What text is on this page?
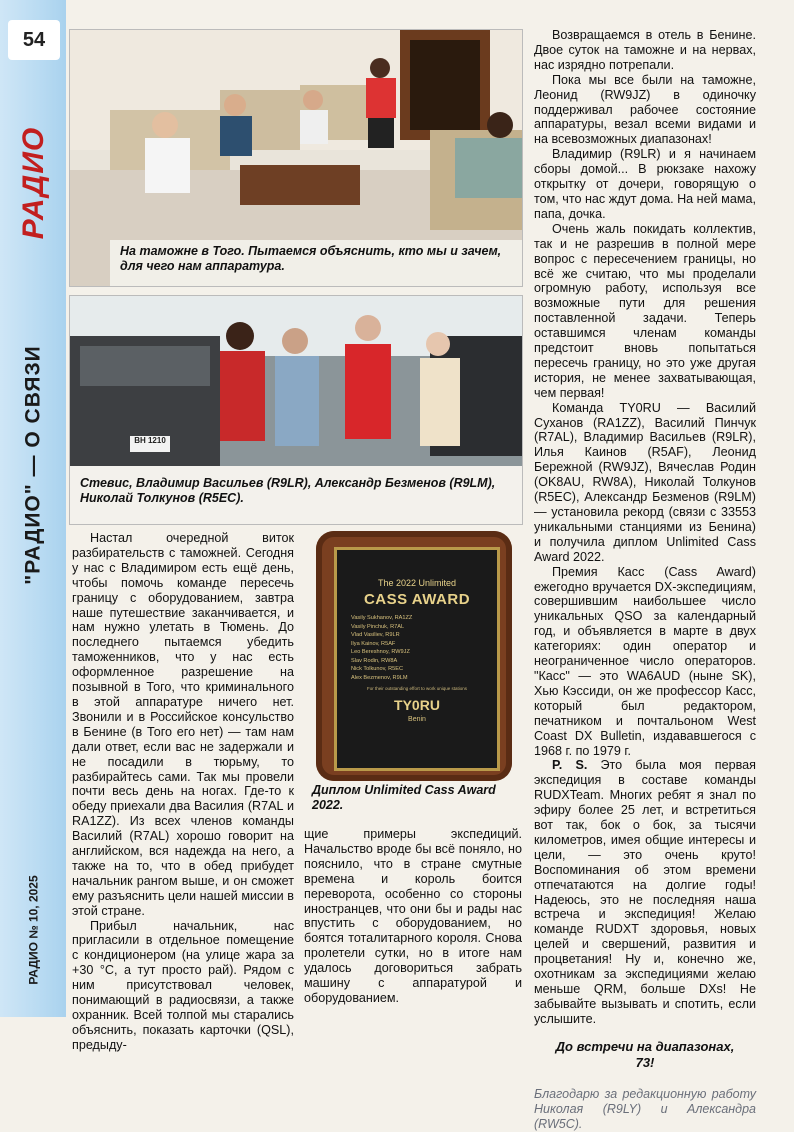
54
РАДИО
"РАДИО" — О СВЯЗИ
РАДИО № 10, 2025
На таможне в Того. Пытаемся объяснить, кто мы и зачем, для чего нам аппаратура.
BH 1210
Стевис, Владимир Васильев (R9LR), Александр Безменов (R9LM), Николай Толкунов (R5EC).
The 2022 Unlimited
CASS AWARD
Vasily Sukhanov, RA1ZZ
Vasily Pinchuk, R7AL
Vlad Vasiliev, R9LR
Ilya Kainov, R5AF
Leo Bereshnoy, RW9JZ
Slav Rodin, RW8A
Nick Tolkunov, R5EC
Alex Bezmenov, R9LM
For their outstanding effort to work unique stations
TY0RU
Benin
Диплом Unlimited Cass Award 2022.

Настал очередной виток разбирательств с таможней. Сегодня у нас с Владимиром есть ещё день, чтобы помочь команде пересечь границу с оборудованием, завтра наше путешествие заканчивается, и нам нужно улетать в Тюмень. До последнего пытаемся убедить таможенников, что у нас есть оформленное разрешение на позывной в Того, что криминального в этой аппаратуре ничего нет. Звонили и в Российское консульство в Бенине (в Того его нет) — там нам дали ответ, если вас не задержали и не посадили в тюрьму, то разбирайтесь сами. Так мы провели почти весь день на ногах. Где-то к обеду приехали два Василия (R7AL и RA1ZZ). Из всех членов команды Василий (R7AL) хорошо говорит на английском, вся надежда на него, а также на то, что в обед прибудет начальник рангом выше, и он сможет ему разъяснить цели нашей миссии в этой стране.

Прибыл начальник, нас пригласили в отдельное помещение с кондиционером (на улице жара за +30 °С, а тут просто рай). Рядом с ним присутствовал человек, понимающий в радиосвязи, а также охранник. Всей толпой мы старались объяснить, показать карточки (QSL), предыду-

щие примеры экспедиций. Начальство вроде бы всё поняло, но пояснило, что в стране смутные времена и король боится переворота, особенно со стороны иностранцев, что они бы и рады нас впустить с оборудованием, но боятся тоталитарного короля. Снова пролетели сутки, но в итоге нам удалось договориться забрать машину с аппаратурой и оборудованием.

Возвращаемся в отель в Бенине. Двое суток на таможне и на нервах, нас изрядно потрепали.

Пока мы все были на таможне, Леонид (RW9JZ) в одиночку поддерживал рабочее состояние аппаратуры, везал всеми видами и на всевозможных диапазонах!

Владимир (R9LR) и я начинаем сборы домой... В рюкзаке нахожу открытку от дочери, говорящую о том, что нас ждут дома. На ней мама, папа, дочка.

Очень жаль покидать коллектив, так и не разрешив в полной мере вопрос с пересечением границы, но всё же считаю, что мы проделали огромную работу, используя все возможные пути для решения поставленной задачи. Теперь оставшимся членам команды предстоит вновь попытаться пересечь границу, но это уже другая история, не менее захватывающая, чем первая!

Команда TY0RU — Василий Суханов (RA1ZZ), Василий Пинчук (R7AL), Владимир Васильев (R9LR), Илья Каинов (R5AF), Леонид Бережной (RW9JZ), Вячеслав Родин (OK8AU, RW8A), Николай Толкунов (R5EC), Александр Безменов (R9LM) — установила рекорд (связи с 33553 уникальными станциями из Бенина) и получила диплом Unlimited Cass Award 2022.

Премия Касс (Cass Award) ежегодно вручается DX-экспедициям, совершившим наибольшее число уникальных QSO за календарный год, и объявляется в марте в двух категориях: один оператор и неограниченное число операторов. "Касс" — это WA6AUD (ныне SK), Хью Кэссиди, он же профессор Касс, который был редактором, печатником и почтальоном West Coast DX Bulletin, издававшегося с 1968 г. по 1979 г.

P. S. Это была моя первая экспедиция в составе команды RUDXTeam. Многих ребят я знал по эфиру более 25 лет, и встретиться вот так, бок о бок, за тысячи километров, имея общие интересы и цели, — это очень круто! Воспоминания об этом времени отпечатаются на долгие годы! Надеюсь, это не последняя наша встреча и экспедиция! Желаю команде RUDXT здоровья, новых целей и свершений, развития и процветания! Ну и, конечно же, охотникам за экспедициями желаю меньше QRM, больше DXs! Не забывайте вызывать и спотить, если услышите.

До встречи на диапазонах,
73!
Благодарю за редакционную работу Николая (R9LY) и Александра (RW5C).
